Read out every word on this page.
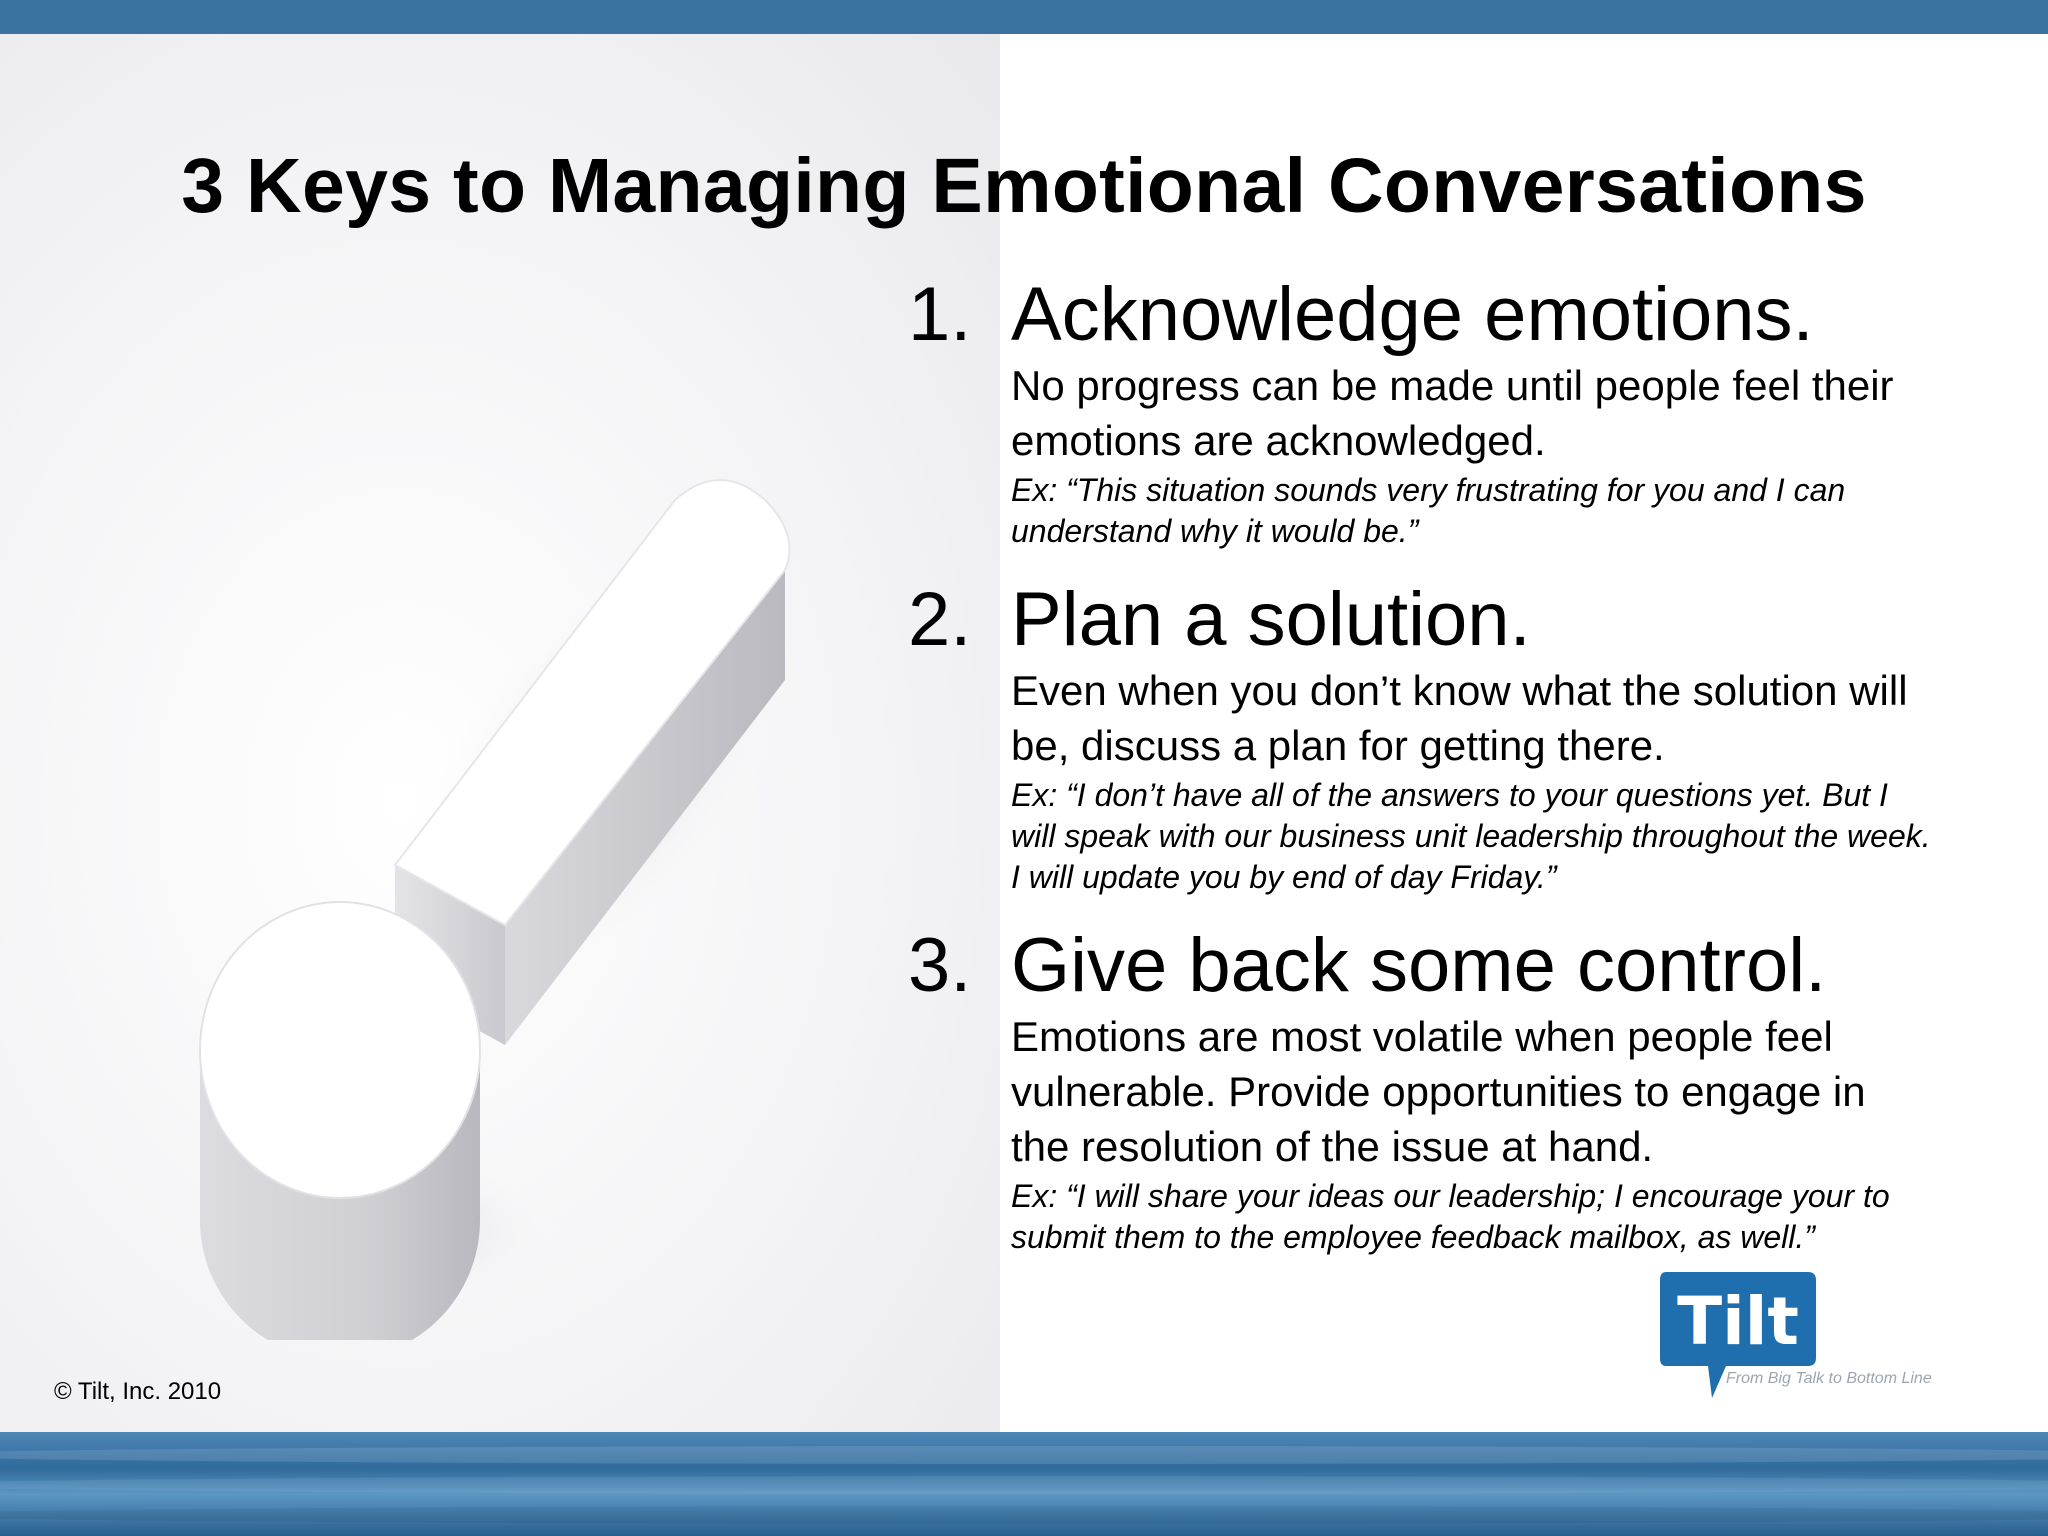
3 Keys to Managing Emotional Conversations
1. Acknowledge emotions.
No progress can be made until people feel their emotions are acknowledged.
Ex: “This situation sounds very frustrating for you and I can understand why it would be.”
2. Plan a solution.
Even when you don’t know what the solution will be, discuss a plan for getting there.
Ex: “I don’t have all of the answers to your questions yet. But I will speak with our business unit leadership throughout the week. I will update you by end of day Friday.”
3. Give back some control.
Emotions are most volatile when people feel vulnerable. Provide opportunities to engage in the resolution of the issue at hand.
Ex: “I will share your ideas our leadership; I encourage your to submit them to the employee feedback mailbox, as well.”
Tilt
From Big Talk to Bottom Line
© Tilt, Inc. 2010
